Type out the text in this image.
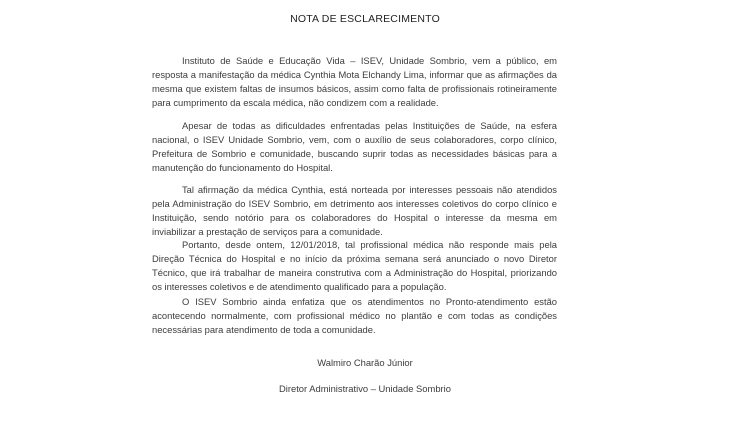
NOTA DE ESCLARECIMENTO
Instituto de Saúde e Educação Vida – ISEV, Unidade Sombrio, vem a público, em resposta a manifestação da médica Cynthia Mota Elchandy Lima, informar que as afirmações da mesma que existem faltas de insumos básicos, assim como falta de profissionais rotineiramente para cumprimento da escala médica, não condizem com a realidade.
Apesar de todas as dificuldades enfrentadas pelas Instituições de Saúde, na esfera nacional, o ISEV Unidade Sombrio, vem, com o auxílio de seus colaboradores, corpo clínico, Prefeitura de Sombrio e comunidade, buscando suprir todas as necessidades básicas para a manutenção do funcionamento do Hospital.
Tal afirmação da médica Cynthia, está norteada por interesses pessoais não atendidos pela Administração do ISEV Sombrio, em detrimento aos interesses coletivos do corpo clínico e Instituição, sendo notório para os colaboradores do Hospital o interesse da mesma em inviabilizar a prestação de serviços para a comunidade.
Portanto, desde ontem, 12/01/2018, tal profissional médica não responde mais pela Direção Técnica do Hospital e no início da próxima semana será anunciado o novo Diretor Técnico, que irá trabalhar de maneira construtiva com a Administração do Hospital, priorizando os interesses coletivos e de atendimento qualificado para a população.
O ISEV Sombrio ainda enfatiza que os atendimentos no Pronto-atendimento estão acontecendo normalmente, com profissional médico no plantão e com todas as condições necessárias para atendimento de toda a comunidade.
Walmiro Charão Júnior
Diretor Administrativo – Unidade Sombrio
